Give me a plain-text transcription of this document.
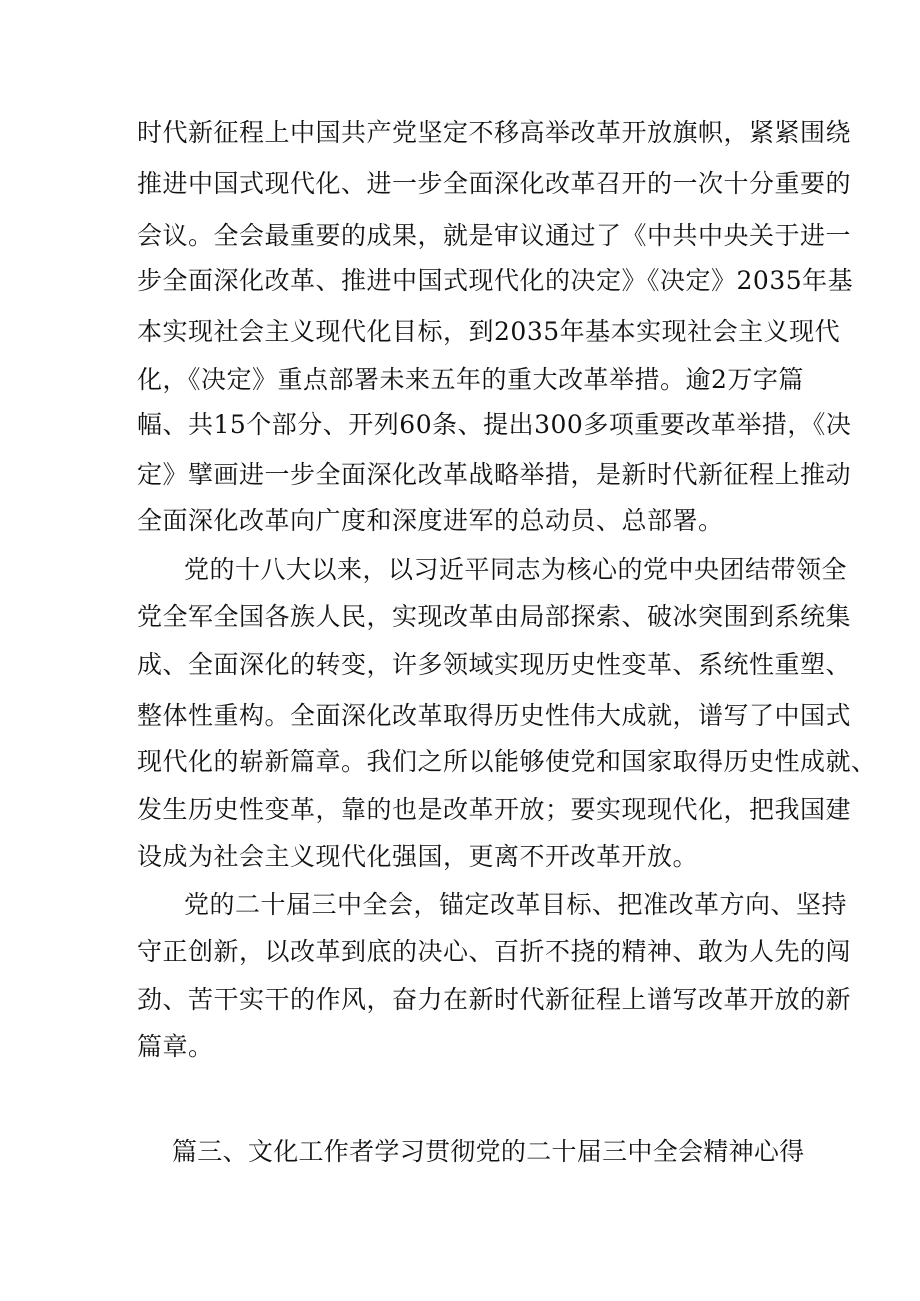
时代新征程上中国共产党坚定不移高举改革开放旗帜，紧紧围绕
推进中国式现代化、进一步全面深化改革召开的一次十分重要的
会议。全会最重要的成果，就是审议通过了《中共中央关于进一
步全面深化改革、推进中国式现代化的决定》《决定》2035年基
本实现社会主义现代化目标，到2035年基本实现社会主义现代
化，《决定》重点部署未来五年的重大改革举措。逾2万字篇
幅、共15个部分、开列60条、提出300多项重要改革举措，《决
定》擘画进一步全面深化改革战略举措，是新时代新征程上推动
全面深化改革向广度和深度进军的总动员、总部署。
党的十八大以来，以习近平同志为核心的党中央团结带领全
党全军全国各族人民，实现改革由局部探索、破冰突围到系统集
成、全面深化的转变，许多领域实现历史性变革、系统性重塑、
整体性重构。全面深化改革取得历史性伟大成就，谱写了中国式
现代化的崭新篇章。我们之所以能够使党和国家取得历史性成就、
发生历史性变革，靠的也是改革开放；要实现现代化，把我国建
设成为社会主义现代化强国，更离不开改革开放。
党的二十届三中全会，锚定改革目标、把准改革方向、坚持
守正创新，以改革到底的决心、百折不挠的精神、敢为人先的闯
劲、苦干实干的作风，奋力在新时代新征程上谱写改革开放的新
篇章。
篇三、文化工作者学习贯彻党的二十届三中全会精神心得
